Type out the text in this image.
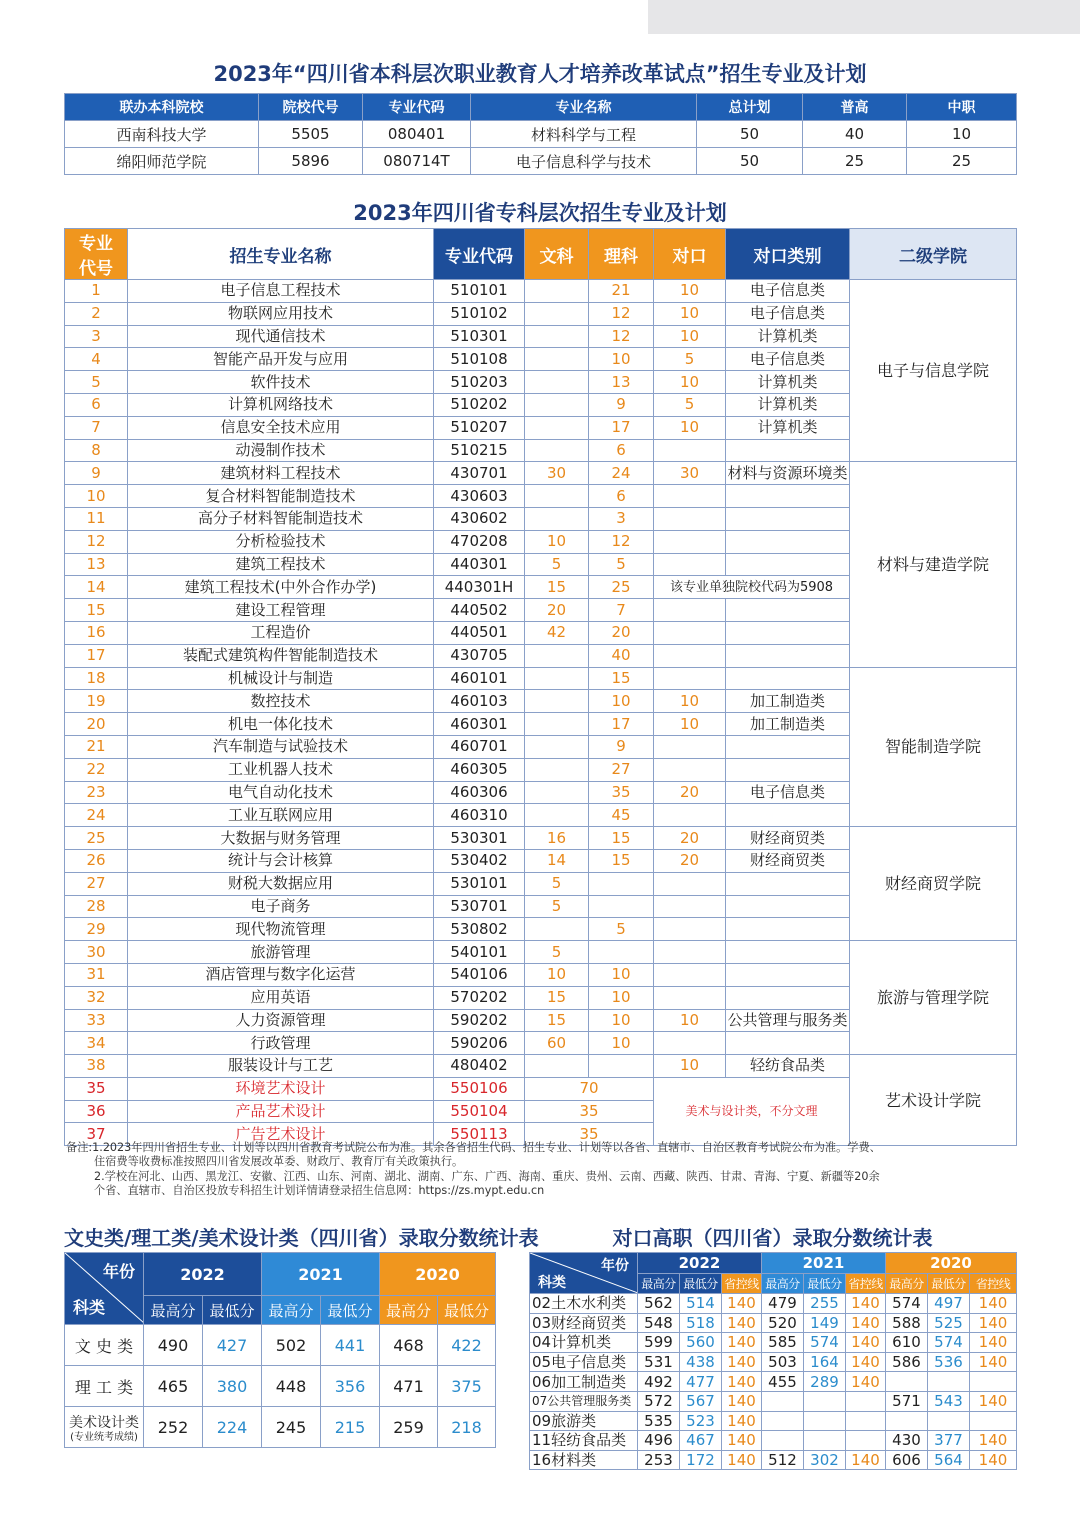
2023年“四川省本科层次职业教育人才培养改革试点”招生专业及计划
联办本科院校	院校代号	专业代码	专业名称	总计划	普高	中职
西南科技大学	5505	080401	材料科学与工程	50	40	10
绵阳师范学院	5896	080714T	电子信息科学与技术	50	25	25
2023年四川省专科层次招生专业及计划
专业
代号	招生专业名称	专业代码	文科	理科	对口	对口类别	二级学院
1	电子信息工程技术	510101		21	10	电子信息类	电子与信息学院
2	物联网应用技术	510102		12	10	电子信息类	
3	现代通信技术	510301		12	10	计算机类	
4	智能产品开发与应用	510108		10	5	电子信息类	
5	软件技术	510203		13	10	计算机类	
6	计算机网络技术	510202		9	5	计算机类	
7	信息安全技术应用	510207		17	10	计算机类	
8	动漫制作技术	510215		6			
9	建筑材料工程技术	430701	30	24	30	材料与资源环境类	材料与建造学院
10	复合材料智能制造技术	430603		6			
11	高分子材料智能制造技术	430602		3			
12	分析检验技术	470208	10	12			
13	建筑工程技术	440301	5	5			
14	建筑工程技术(中外合作办学)	440301H	15	25	该专业单独院校代码为5908		
15	建设工程管理	440502	20	7			
16	工程造价	440501	42	20			
17	装配式建筑构件智能制造技术	430705		40			
18	机械设计与制造	460101		15			智能制造学院
19	数控技术	460103		10	10	加工制造类	
20	机电一体化技术	460301		17	10	加工制造类	
21	汽车制造与试验技术	460701		9			
22	工业机器人技术	460305		27			
23	电气自动化技术	460306		35	20	电子信息类	
24	工业互联网应用	460310		45			
25	大数据与财务管理	530301	16	15	20	财经商贸类	财经商贸学院
26	统计与会计核算	530402	14	15	20	财经商贸类	
27	财税大数据应用	530101	5				
28	电子商务	530701	5				
29	现代物流管理	530802		5			
30	旅游管理	540101	5				旅游与管理学院
31	酒店管理与数字化运营	540106	10	10			
32	应用英语	570202	15	10			
33	人力资源管理	590202	15	10	10	公共管理与服务类	
34	行政管理	590206	60	10			
38	服装设计与工艺	480402			10	轻纺食品类	艺术设计学院
35	环境艺术设计	550106	70		美术与设计类，不分文理		
36	产品艺术设计	550104	35				
37	广告艺术设计	550113	35				
备注:1.2023年四川省招生专业、计划等以四川省教育考试院公布为准。其余各省招生代码、招生专业、计划等以各省、直辖市、自治区教育考试院公布为准。学费、
住宿费等收费标准按照四川省发展改革委、财政厅、教育厅有关政策执行。
2.学校在河北、山西、黑龙江、安徽、江西、山东、河南、湖北、湖南、广东、广西、海南、重庆、贵州、云南、西藏、陕西、甘肃、青海、宁夏、新疆等20余
个省、直辖市、自治区投放专科招生计划详情请登录招生信息网：https://zs.mypt.edu.cn
文史类/理工类/美术设计类（四川省）录取分数统计表	对口高职（四川省）录取分数统计表
年份
科类	2022		2021		2020	
	最高分	最低分	最高分	最低分	最高分	最低分

文 史 类	490	427	502	441	468	422

理 工 类	465	380	448	356	471	375

美术设计类
(专业统考成绩)	252	224	245	215	259	218
年份
科类	2022			2021			2020		
	最高分	最低分	省控线	最高分	最低分	省控线	最高分	最低分	省控线
02土木水利类	562	514	140	479	255	140	574	497	140
03财经商贸类	548	518	140	520	149	140	588	525	140
04计算机类	599	560	140	585	574	140	610	574	140
05电子信息类	531	438	140	503	164	140	586	536	140
06加工制造类	492	477	140	455	289	140			
07公共管理服务类	572	567	140				571	543	140
09旅游类	535	523	140						
11轻纺食品类	496	467	140				430	377	140
16材料类	253	172	140	512	302	140	606	564	140
